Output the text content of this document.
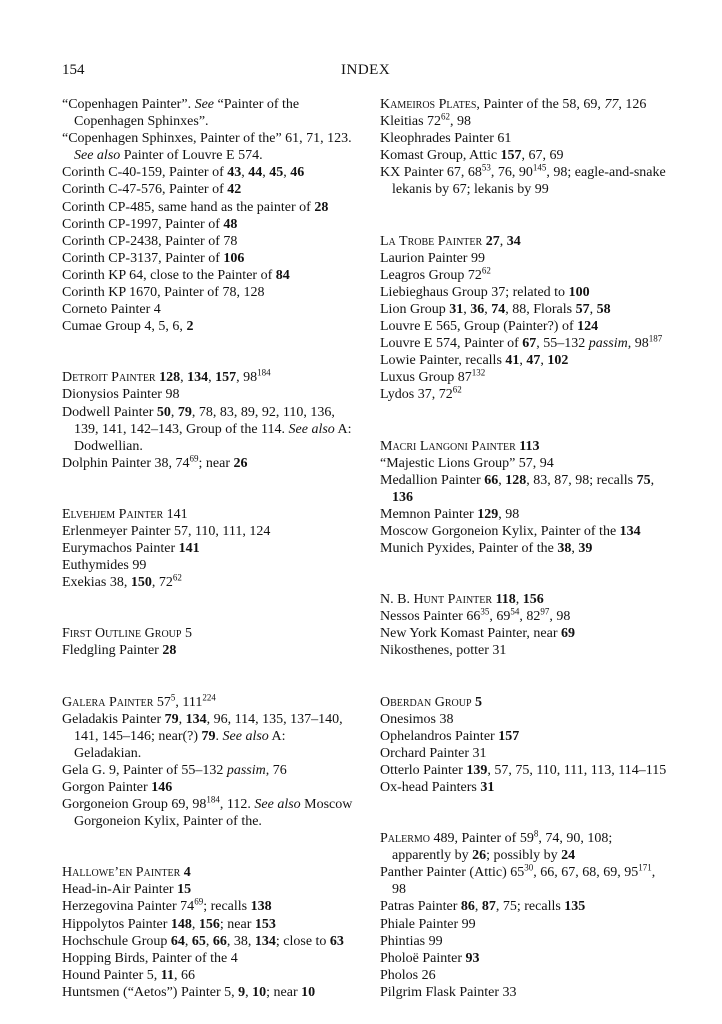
154	INDEX

“Copenhagen Painter”. See “Painter of the Copenhagen Sphinxes”.

“Copenhagen Sphinxes, Painter of the” 61, 71, 123. See also Painter of Louvre E 574.

Corinth C-40-159, Painter of 43, 44, 45, 46

Corinth C-47-576, Painter of 42

Corinth CP-485, same hand as the painter of 28

Corinth CP-1997, Painter of 48

Corinth CP-2438, Painter of 78

Corinth CP-3137, Painter of 106

Corinth KP 64, close to the Painter of 84

Corinth KP 1670, Painter of 78, 128

Corneto Painter 4

Cumae Group 4, 5, 6, 2

Detroit Painter 128, 134, 157, $98^{184}$

Dionysios Painter 98

Dodwell Painter 50, 79, 78, 83, 89, 92, 110, 136, 139, 141, 142–143, Group of the 114. See also A: Dodwellian.

Dolphin Painter 38, $74^{69}$; near 26

Elvehjem Painter 141

Erlenmeyer Painter 57, 110, 111, 124

Eurymachos Painter 141

Euthymides 99

Exekias 38, 150, $72^{62}$

First Outline Group 5

Fledgling Painter 28

Galera Painter $57^5$, $111^{224}$

Geladakis Painter 79, 134, 96, 114, 135, 137–140, 141, 145–146; near(?) 79. See also A: Geladakian.

Gela G. 9, Painter of 55–132 passim, 76

Gorgon Painter 146

Gorgoneion Group 69, $98^{184}$, 112. See also Moscow Gorgoneion Kylix, Painter of the.

Hallowe’en Painter 4

Head-in-Air Painter 15

Herzegovina Painter $74^{69}$; recalls 138

Hippolytos Painter 148, 156; near 153

Hochschule Group 64, 65, 66, 38, 134; close to 63

Hopping Birds, Painter of the 4

Hound Painter 5, 11, 66

Huntsmen (“Aetos”) Painter 5, 9, 10; near 10

Kameiros Plates, Painter of the 58, 69, 77, 126

Kleitias $72^{62}$, 98

Kleophrades Painter 61

Komast Group, Attic 157, 67, 69

KX Painter 67, $68^{53}$, 76, $90^{145}$, 98; eagle-and-snake lekanis by 67; lekanis by 99

La Trobe Painter 27, 34

Laurion Painter 99

Leagros Group $72^{62}$

Liebieghaus Group 37; related to 100

Lion Group 31, 36, 74, 88, Florals 57, 58

Louvre E 565, Group (Painter?) of 124

Louvre E 574, Painter of 67, 55–132 passim, $98^{187}$

Lowie Painter, recalls 41, 47, 102

Luxus Group $87^{132}$

Lydos 37, $72^{62}$

Macri Langoni Painter 113

“Majestic Lions Group” 57, 94

Medallion Painter 66, 128, 83, 87, 98; recalls 75, 136

Memnon Painter 129, 98

Moscow Gorgoneion Kylix, Painter of the 134

Munich Pyxides, Painter of the 38, 39

N. B. Hunt Painter 118, 156

Nessos Painter $66^{35}$, $69^{54}$, $82^{97}$, 98

New York Komast Painter, near 69

Nikosthenes, potter 31

Oberdan Group 5

Onesimos 38

Ophelandros Painter 157

Orchard Painter 31

Otterlo Painter 139, 57, 75, 110, 111, 113, 114–115

Ox-head Painters 31

Palermo 489, Painter of $59^8$, 74, 90, 108; apparently by 26; possibly by 24

Panther Painter (Attic) $65^{30}$, 66, 67, 68, 69, $95^{171}$, 98

Patras Painter 86, 87, 75; recalls 135

Phiale Painter 99

Phintias 99

Pholoë Painter 93

Pholos 26

Pilgrim Flask Painter 33
